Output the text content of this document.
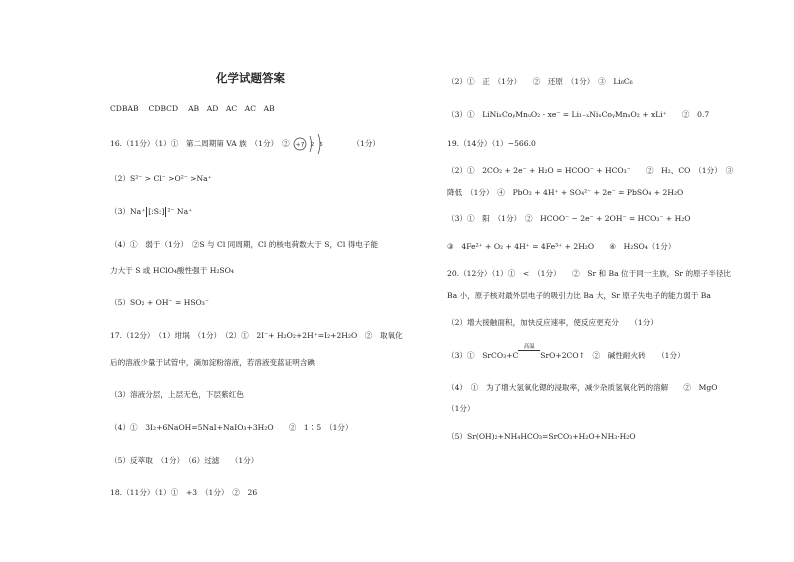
化学试题答案
CDBAB　 CDBCD　 AB　AD　AC　AC　AB
16.（11分）（1）①　第二周期第 VA 族　（1分）　② +7 2 5	（1分）
（2）S²⁻ > Cl⁻ >O²⁻ >Na⁺
（3）Na⁺ [:S:] ²⁻ Na⁺
（4）①　弱于（1分）　②S 与 Cl 同周期，Cl 的核电荷数大于 S，Cl 得电子能
力大于 S 或 HClO₄酸性强于 H₂SO₄
（5）SO₂ + OH⁻ = HSO₃⁻
17.（12分）　（1）坩埚　（1分）　（2）①　2I⁻+ H₂O₂+2H⁺=I₂+2H₂O　②　取氧化
后的溶液少量于试管中，滴加淀粉溶液，若溶液变蓝证明含碘
（3）溶液分层，上层无色，下层紫红色
（4）①　3I₂+6NaOH=5NaI+NaIO₃+3H₂O　　②　1∶5　（1分）
（5）反萃取　（1分）　（6）过滤　　（1分）
18.（11分）（1）①　+3　（1分）　②　26
（2）①　正　（1分）　　②　还原　（1分）　③　Li₆C₆
（3）①　LiNiₓCoᵧMnᵤO₂ - xe⁻ = Li₁₋ₓNiₓCoᵧMnᵤO₂ + xLi⁺　　②　0.7
19.（14分）（1）−566.0
（2）①　2CO₂ + 2e⁻ + H₂O = HCOO⁻ + HCO₃⁻　　②　H₂、CO　（1分）　③
降低　（1分）　④　PbO₂ + 4H⁺ + SO₄²⁻ + 2e⁻ = PbSO₄ + 2H₂O
（3）①　阳　（1分）　②　HCOO⁻ − 2e⁻ + 2OH⁻ = HCO₃⁻ + H₂O
③　4Fe²⁺ + O₂ + 4H⁺ = 4Fe³⁺ + 2H₂O　　④　H₂SO₄（1分）
20.（12分）（1）①　<　（1分）　　②　Sr 和 Ba 位于同一主族，Sr 的原子半径比
Ba 小，原子核对最外层电子的吸引力比 Ba 大，Sr 原子失电子的能力弱于 Ba
（2）增大接触面积，加快反应速率，使反应更充分　　（1分）
（3）①　SrCO₃+C
高温
SrO+2CO↑　②　碱性耐火砖　　（1分）
（4）　①　为了增大氢氧化锶的浸取率，减少杂质氢氧化钙的溶解　　②　MgO
（1分）
（5）Sr(OH)₂+NH₄HCO₃=SrCO₃+H₂O+NH₃·H₂O
